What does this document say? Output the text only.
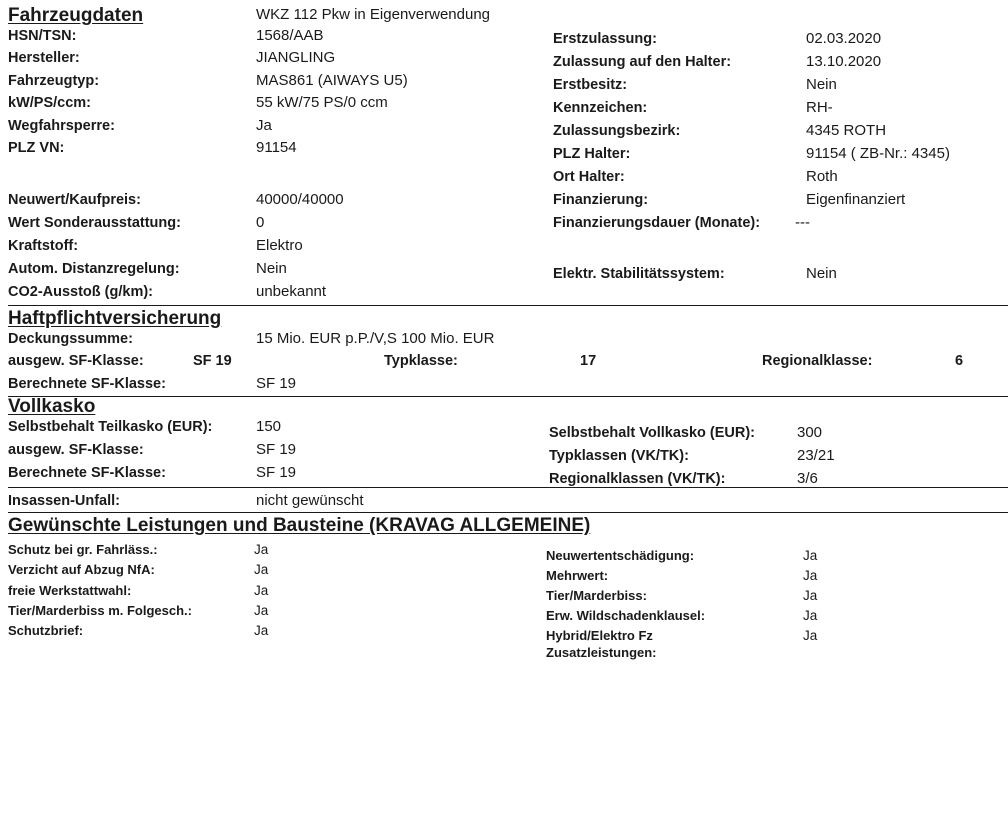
Fahrzeugdaten	WKZ 112 Pkw in Eigenverwendung
HSN/TSN:	1568/AAB
Hersteller:	JIANGLING
Fahrzeugtyp:	MAS861 (AIWAYS U5)
kW/PS/ccm:	55 kW/75 PS/0 ccm
Wegfahrsperre:	Ja
PLZ VN:	91154
Neuwert/Kaufpreis:	40000/40000
Wert Sonderausstattung:	0
Kraftstoff:	Elektro
Autom. Distanzregelung:	Nein
CO2-Ausstoß (g/km):	unbekannt
Erstzulassung:	02.03.2020
Zulassung auf den Halter:	13.10.2020
Erstbesitz:	Nein
Kennzeichen:	RH-
Zulassungsbezirk:	4345 ROTH
PLZ Halter:	91154 ( ZB-Nr.: 4345)
Ort Halter:	Roth
Finanzierung:	Eigenfinanziert
Finanzierungsdauer (Monate): ---
Elektr. Stabilitätssystem:	Nein
Haftpflichtversicherung
Deckungssumme:	15 Mio. EUR p.P./V,S 100 Mio. EUR
ausgew. SF-Klasse:	SF 19	Typklasse:	17	Regionalklasse:	6
Berechnete SF-Klasse:	SF 19
Vollkasko
Selbstbehalt Teilkasko (EUR):	150
ausgew. SF-Klasse:	SF 19
Berechnete SF-Klasse:	SF 19
Selbstbehalt Vollkasko (EUR):	300
Typklassen (VK/TK):	23/21
Regionalklassen (VK/TK):	3/6
Insassen-Unfall:	nicht gewünscht
Gewünschte Leistungen und Bausteine (KRAVAG ALLGEMEINE)
Schutz bei gr. Fahrläss.:	Ja
Verzicht auf Abzug NfA:	Ja
freie Werkstattwahl:	Ja
Tier/Marderbiss m. Folgesch.:	Ja
Schutzbrief:	Ja
Neuwertentschädigung:	Ja
Mehrwert:	Ja
Tier/Marderbiss:	Ja
Erw. Wildschadenklausel:	Ja
Hybrid/Elektro Fz	Ja
Zusatzleistungen:
